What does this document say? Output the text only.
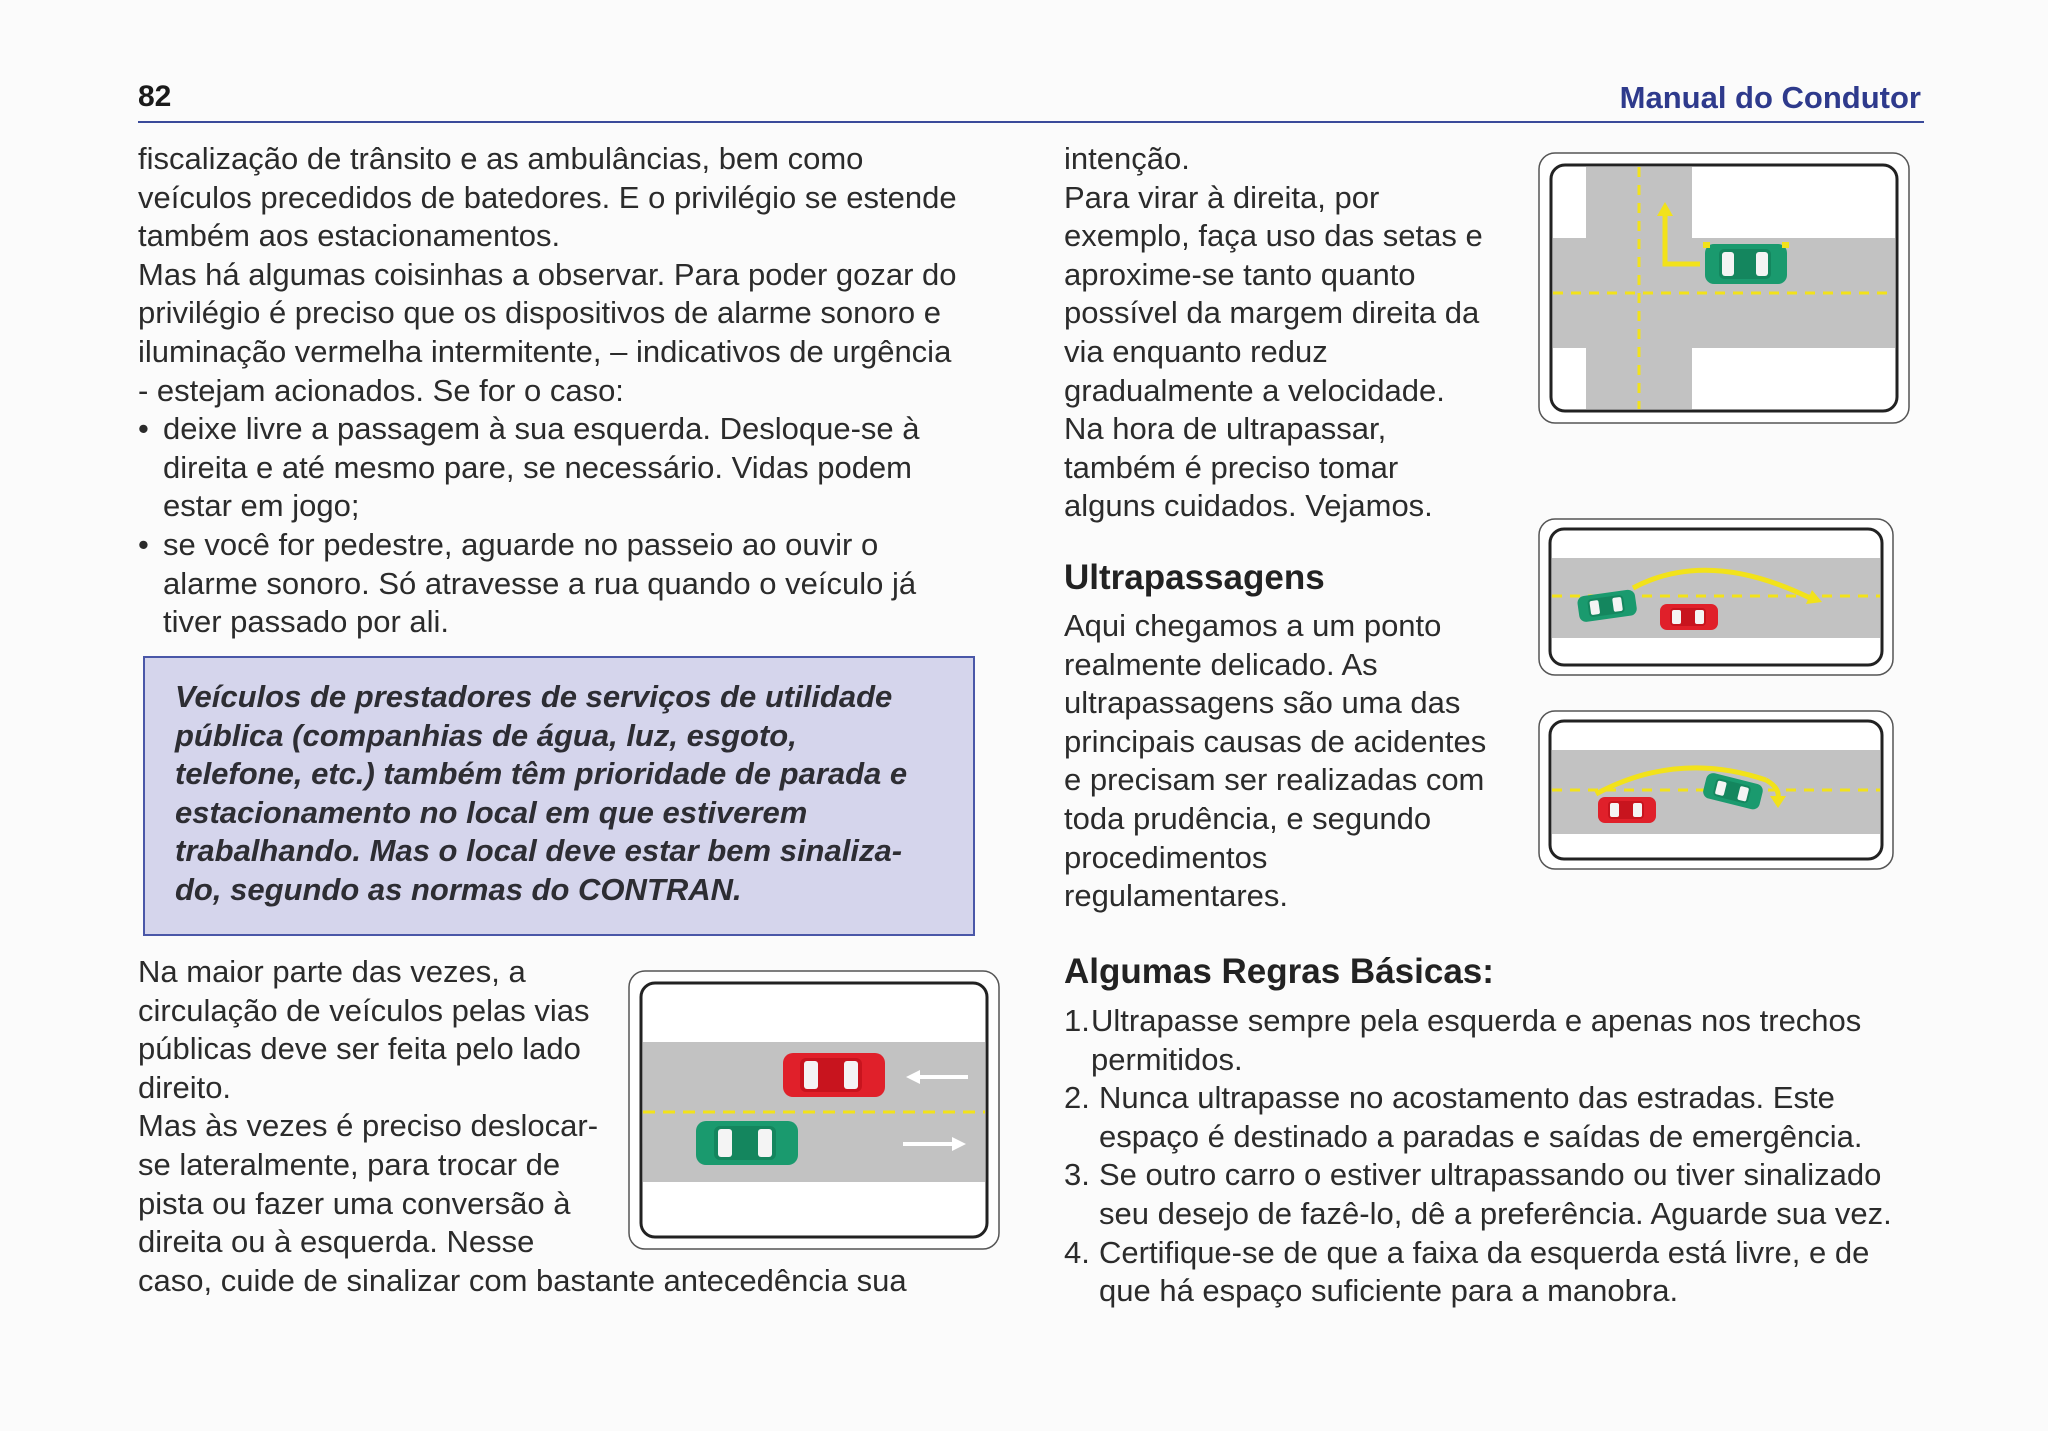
82	Manual do Condutor

fiscalização de trânsito e as ambulâncias, bem como

veículos precedidos de batedores. E o privilégio se estende

também aos estacionamentos.

Mas há algumas coisinhas a observar. Para poder gozar do

privilégio é preciso que os dispositivos de alarme sonoro e

iluminação vermelha intermitente, – indicativos de urgência

- estejam acionados. Se for o caso:

• deixe livre a passagem à sua esquerda. Desloque-se à

direita e até mesmo pare, se necessário. Vidas podem

estar em jogo;

• se você for pedestre, aguarde no passeio ao ouvir o

alarme sonoro. Só atravesse a rua quando o veículo já

tiver passado por ali.

Veículos de prestadores de serviços de utilidade

pública (companhias de água, luz, esgoto,

telefone, etc.) também têm prioridade de parada e

estacionamento no local em que estiverem

trabalhando. Mas o local deve estar bem sinaliza-

do, segundo as normas do CONTRAN.

Na maior parte das vezes, a

circulação de veículos pelas vias

públicas deve ser feita pelo lado

direito.

Mas às vezes é preciso deslocar-

se lateralmente, para trocar de

pista ou fazer uma conversão à

direita ou à esquerda. Nesse

caso, cuide de sinalizar com bastante antecedência sua

intenção.

Para virar à direita, por

exemplo, faça uso das setas e

aproxime-se tanto quanto

possível da margem direita da

via enquanto reduz

gradualmente a velocidade.

Na hora de ultrapassar,

também é preciso tomar

alguns cuidados. Vejamos.

Ultrapassagens

Aqui chegamos a um ponto

realmente delicado. As

ultrapassagens são uma das

principais causas de acidentes

e precisam ser realizadas com

toda prudência, e segundo

procedimentos

regulamentares.

Algumas Regras Básicas:
1. Ultrapasse sempre pela esquerda e apenas nos trechos

permitidos.

2. Nunca ultrapasse no acostamento das estradas. Este

espaço é destinado a paradas e saídas de emergência.

3. Se outro carro o estiver ultrapassando ou tiver sinalizado

seu desejo de fazê-lo, dê a preferência. Aguarde sua vez.

4. Certifique-se de que a faixa da esquerda está livre, e de

que há espaço suficiente para a manobra.
